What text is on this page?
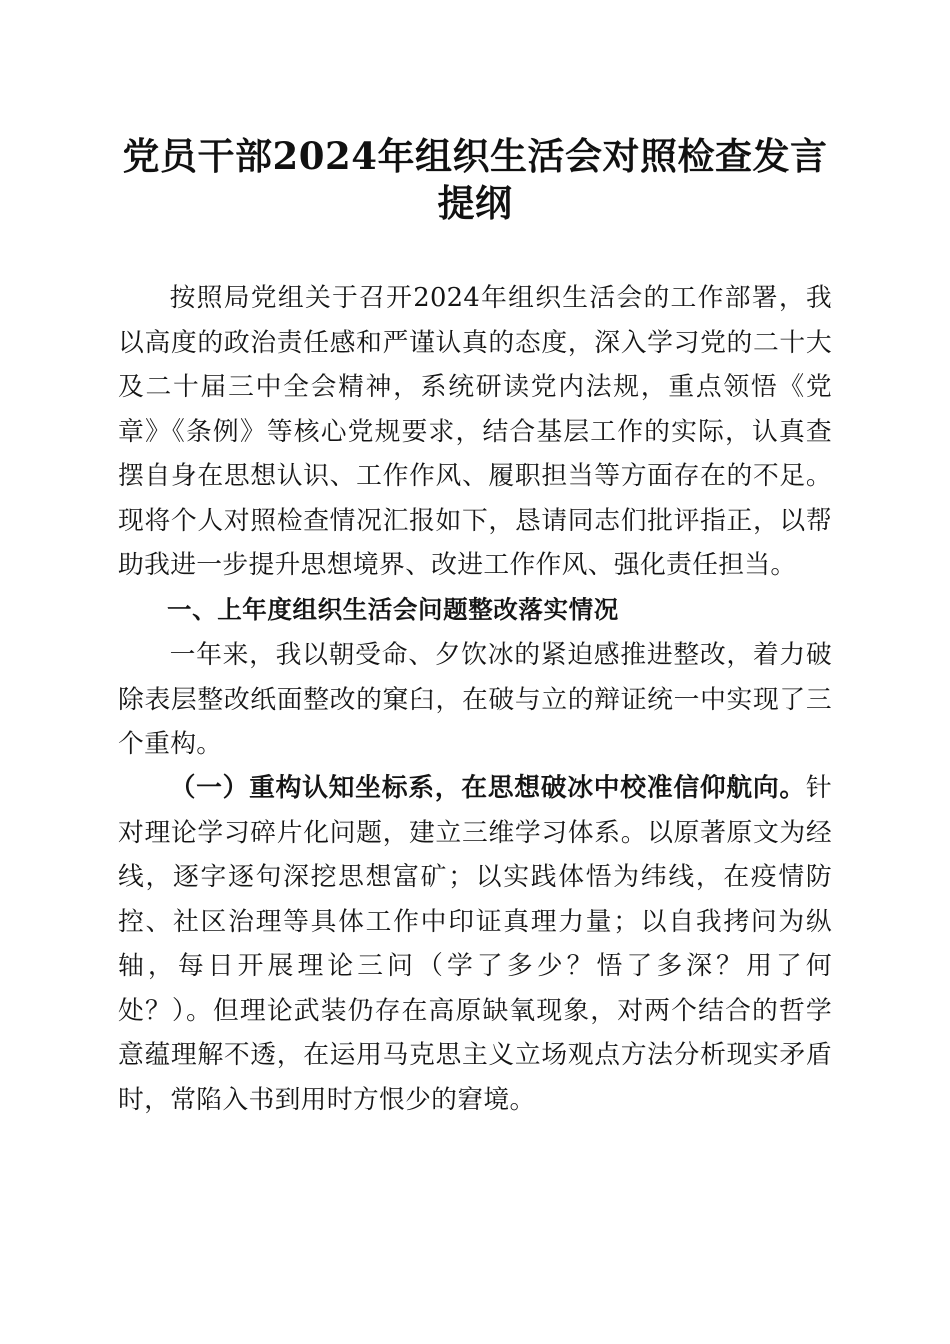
党员干部2024年组织生活会对照检查发言提纲

按照局党组关于召开2024年组织生活会的工作部署，我以高度的政治责任感和严谨认真的态度，深入学习党的二十大及二十届三中全会精神，系统研读党内法规，重点领悟《党章》《条例》等核心党规要求，结合基层工作的实际，认真查摆自身在思想认识、工作作风、履职担当等方面存在的不足。现将个人对照检查情况汇报如下，恳请同志们批评指正，以帮助我进一步提升思想境界、改进工作作风、强化责任担当。

一、上年度组织生活会问题整改落实情况

一年来，我以朝受命、夕饮冰的紧迫感推进整改，着力破除表层整改纸面整改的窠臼，在破与立的辩证统一中实现了三个重构。

（一）重构认知坐标系，在思想破冰中校准信仰航向。针对理论学习碎片化问题，建立三维学习体系。以原著原文为经线，逐字逐句深挖思想富矿；以实践体悟为纬线，在疫情防控、社区治理等具体工作中印证真理力量；以自我拷问为纵轴，每日开展理论三问（学了多少？悟了多深？用了何处？）。但理论武装仍存在高原缺氧现象，对两个结合的哲学意蕴理解不透，在运用马克思主义立场观点方法分析现实矛盾时，常陷入书到用时方恨少的窘境。
